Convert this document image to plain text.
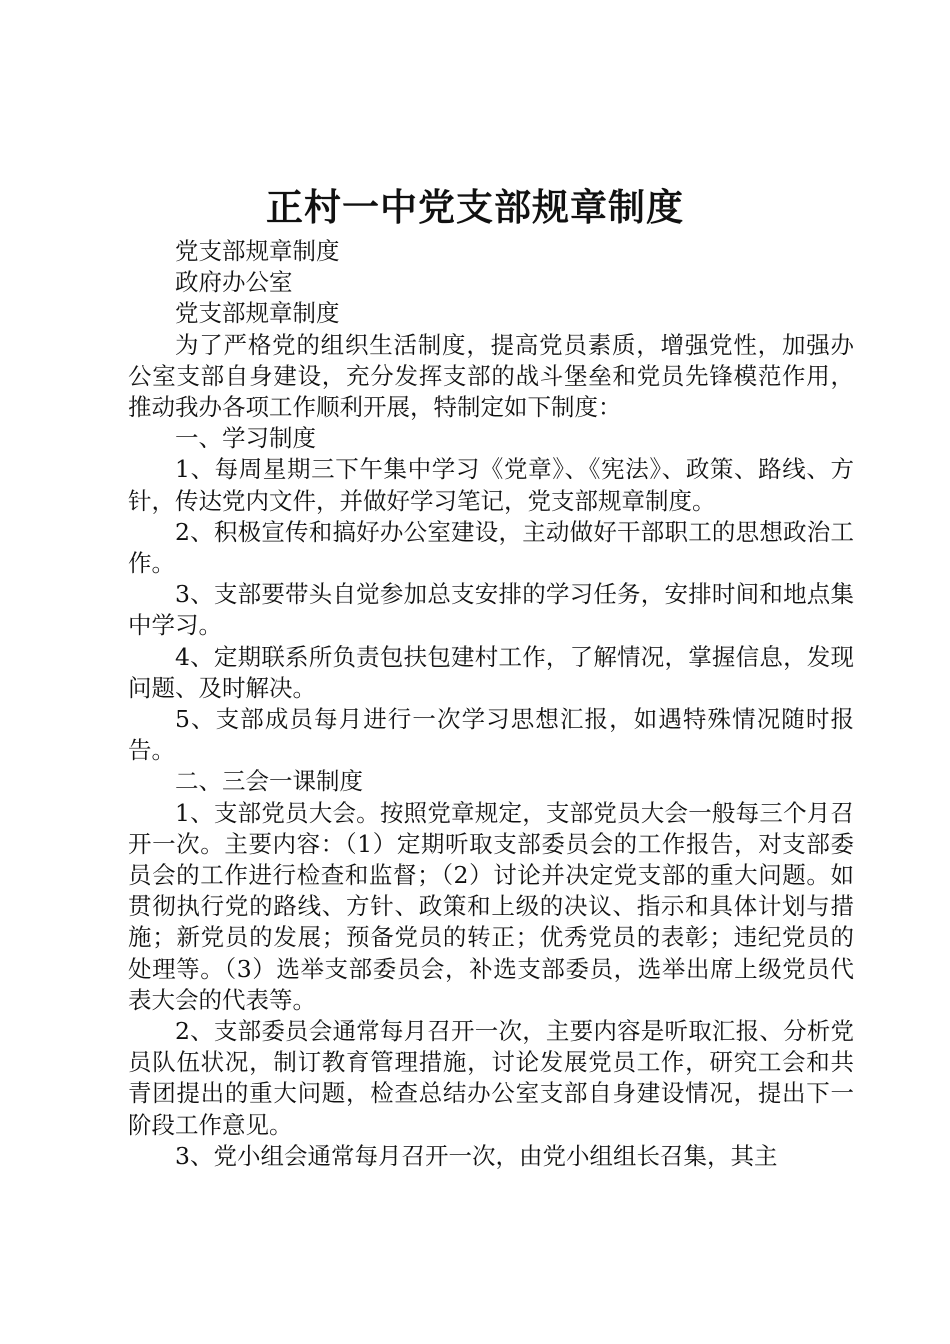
正村一中党支部规章制度

党支部规章制度

政府办公室

党支部规章制度

为了严格党的组织生活制度，提高党员素质，增强党性，加强办公室支部自身建设，充分发挥支部的战斗堡垒和党员先锋模范作用，推动我办各项工作顺利开展，特制定如下制度：

一、学习制度

1、每周星期三下午集中学习《党章》、《宪法》、政策、路线、方针，传达党内文件，并做好学习笔记，党支部规章制度。

2、积极宣传和搞好办公室建设，主动做好干部职工的思想政治工作。

3、支部要带头自觉参加总支安排的学习任务，安排时间和地点集中学习。

4、定期联系所负责包扶包建村工作，了解情况，掌握信息，发现问题、及时解决。

5、支部成员每月进行一次学习思想汇报，如遇特殊情况随时报告。

二、三会一课制度

1、支部党员大会。按照党章规定，支部党员大会一般每三个月召开一次。主要内容：（1）定期听取支部委员会的工作报告，对支部委员会的工作进行检查和监督；（2）讨论并决定党支部的重大问题。如贯彻执行党的路线、方针、政策和上级的决议、指示和具体计划与措施；新党员的发展；预备党员的转正；优秀党员的表彰；违纪党员的处理等。（3）选举支部委员会，补选支部委员，选举出席上级党员代表大会的代表等。

2、支部委员会通常每月召开一次，主要内容是听取汇报、分析党员队伍状况，制订教育管理措施，讨论发展党员工作，研究工会和共青团提出的重大问题，检查总结办公室支部自身建设情况，提出下一阶段工作意见。

3、党小组会通常每月召开一次，由党小组组长召集，其主
